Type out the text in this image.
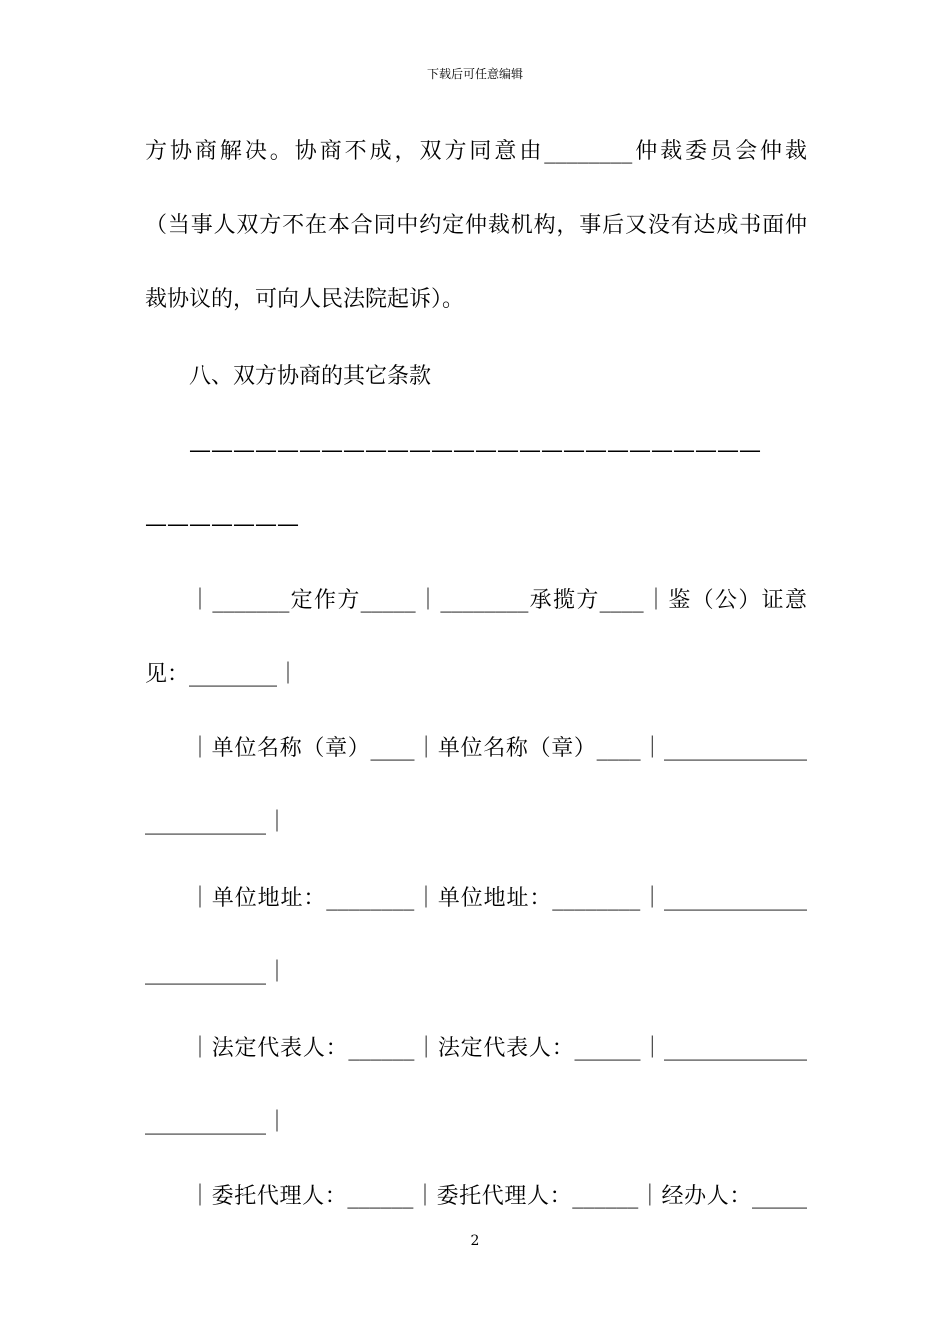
下载后可任意编辑
方协商解决。协商不成，双方同意由________仲裁委员会仲裁
（当事人双方不在本合同中约定仲裁机构，事后又没有达成书面仲
裁协议的，可向人民法院起诉）。
八、双方协商的其它条款
——————————————————————————
———————
｜_______定作方_____｜________承揽方____｜鉴（公）证意
见：________｜
｜单位名称（章）____｜单位名称（章）____｜_____________
___________｜
｜单位地址：________｜单位地址：________｜_____________
___________｜
｜法定代表人：______｜法定代表人：______｜_____________
___________｜
｜委托代理人：______｜委托代理人：______｜经办人：_____
2
